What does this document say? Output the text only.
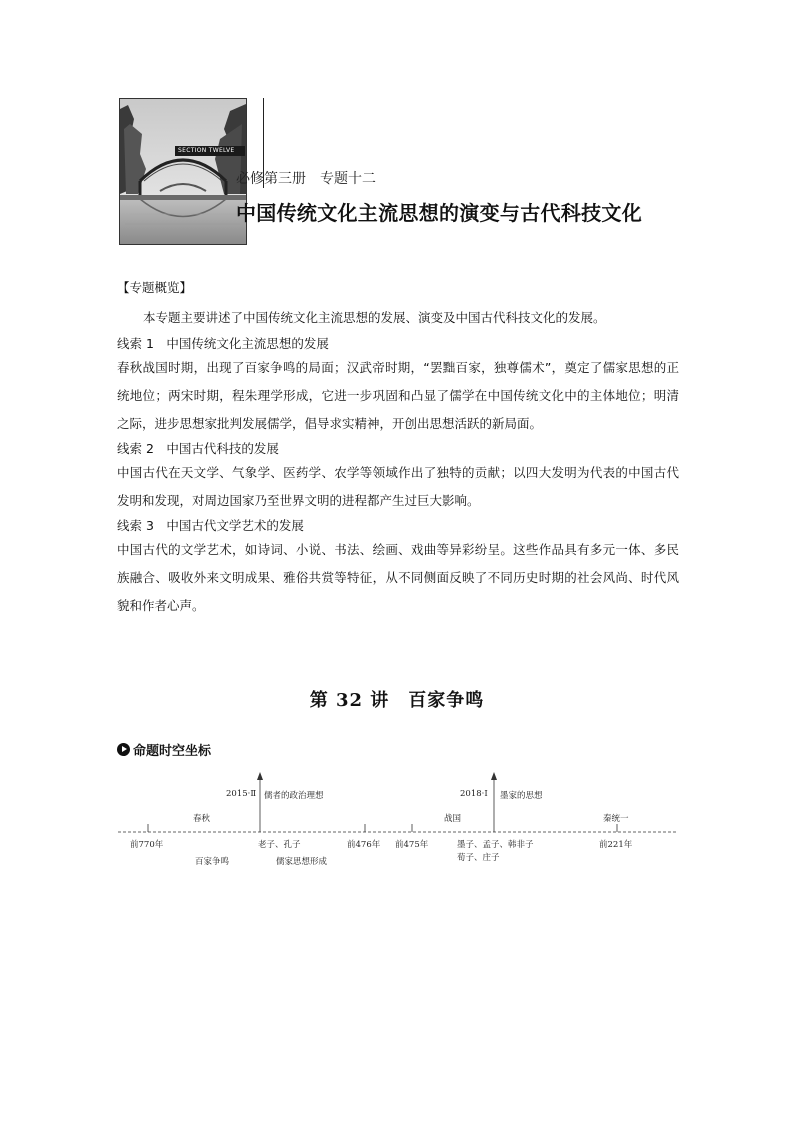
SECTION TWELVE
必修第三册　专题十二
中国传统文化主流思想的演变与古代科技文化
【专题概览】
本专题主要讲述了中国传统文化主流思想的发展、演变及中国古代科技文化的发展。
线索 1　中国传统文化主流思想的发展
春秋战国时期，出现了百家争鸣的局面；汉武帝时期，“罢黜百家，独尊儒术”，奠定了儒家思想的正统地位；两宋时期，程朱理学形成，它进一步巩固和凸显了儒学在中国传统文化中的主体地位；明清之际，进步思想家批判发展儒学，倡导求实精神，开创出思想活跃的新局面。
线索 2　中国古代科技的发展
中国古代在天文学、气象学、医药学、农学等领域作出了独特的贡献；以四大发明为代表的中国古代发明和发现，对周边国家乃至世界文明的进程都产生过巨大影响。
线索 3　中国古代文学艺术的发展
中国古代的文学艺术，如诗词、小说、书法、绘画、戏曲等异彩纷呈。这些作品具有多元一体、多民族融合、吸收外来文明成果、雅俗共赏等特征，从不同侧面反映了不同历史时期的社会风尚、时代风貌和作者心声。
第 32 讲　百家争鸣
命题时空坐标
2015·Ⅱ 儒者的政治理想	2018·Ⅰ 墨家的思想
春秋	战国	秦统一
前770年	老子、孔子	前476年 前475年	墨子、孟子、韩非子	前221年
百家争鸣	儒家思想形成	荀子、庄子
